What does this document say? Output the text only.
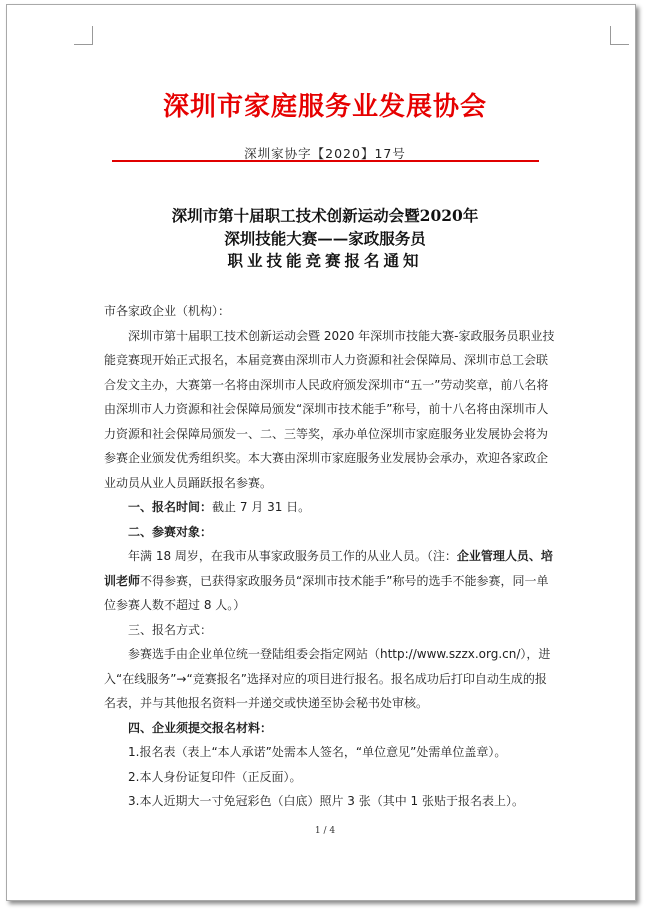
深圳市家庭服务业发展协会
深圳家协字【2020】17号
深圳市第十届职工技术创新运动会暨2020年
深圳技能大赛——家政服务员
职业技能竞赛报名通知

市各家政企业（机构）：

深圳市第十届职工技术创新运动会暨 2020 年深圳市技能大赛-家政服务员职业技能竞赛现开始正式报名，本届竞赛由深圳市人力资源和社会保障局、深圳市总工会联合发文主办，大赛第一名将由深圳市人民政府颁发深圳市“五一”劳动奖章，前八名将由深圳市人力资源和社会保障局颁发“深圳市技术能手”称号，前十八名将由深圳市人力资源和社会保障局颁发一、二、三等奖，承办单位深圳市家庭服务业发展协会将为参赛企业颁发优秀组织奖。本大赛由深圳市家庭服务业发展协会承办，欢迎各家政企业动员从业人员踊跃报名参赛。

一、报名时间：截止 7 月 31 日。

二、参赛对象：

年满 18 周岁，在我市从事家政服务员工作的从业人员。（注：企业管理人员、培训老师不得参赛，已获得家政服务员“深圳市技术能手”称号的选手不能参赛，同一单位参赛人数不超过 8 人。）

三、报名方式：

参赛选手由企业单位统一登陆组委会指定网站（http://www.szzx.org.cn/），进入“在线服务”→“竞赛报名”选择对应的项目进行报名。报名成功后打印自动生成的报名表，并与其他报名资料一并递交或快递至协会秘书处审核。

四、企业须提交报名材料：

1.报名表（表上“本人承诺”处需本人签名，“单位意见”处需单位盖章）。

2.本人身份证复印件（正反面）。

3.本人近期大一寸免冠彩色（白底）照片 3 张（其中 1 张贴于报名表上）。

1 / 4
